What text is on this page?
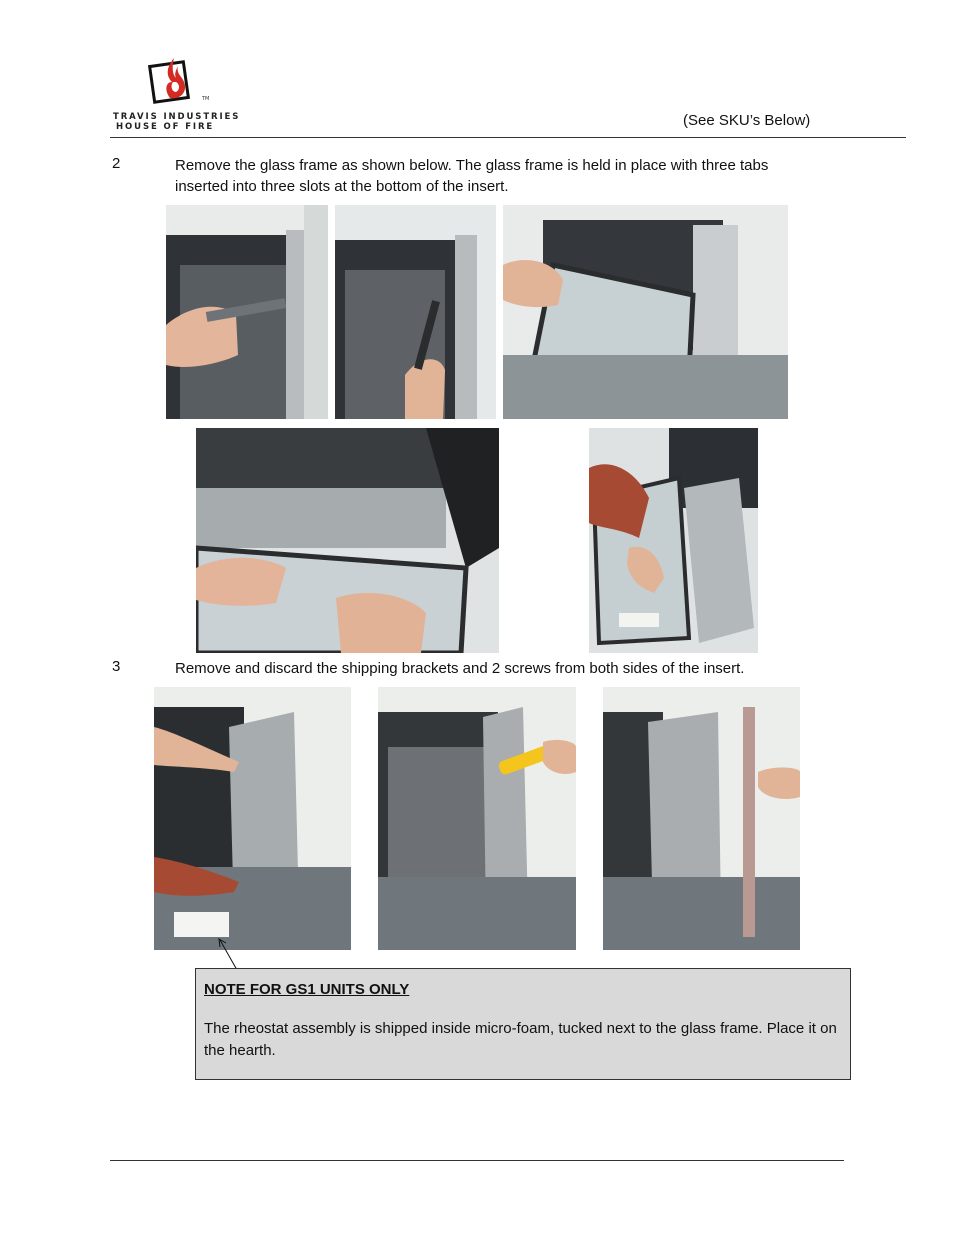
TM
TRAVIS INDUSTRIES
HOUSE OF FIRE	(See SKU’s Below)
2	Remove the glass frame as shown below. The glass frame is held in place with three tabs inserted into three slots at the bottom of the insert.
3	Remove and discard the shipping brackets and 2 screws from both sides of the insert.
NOTE FOR GS1 UNITS ONLY
The rheostat assembly is shipped inside micro-foam, tucked next to the glass frame. Place it on the hearth.
